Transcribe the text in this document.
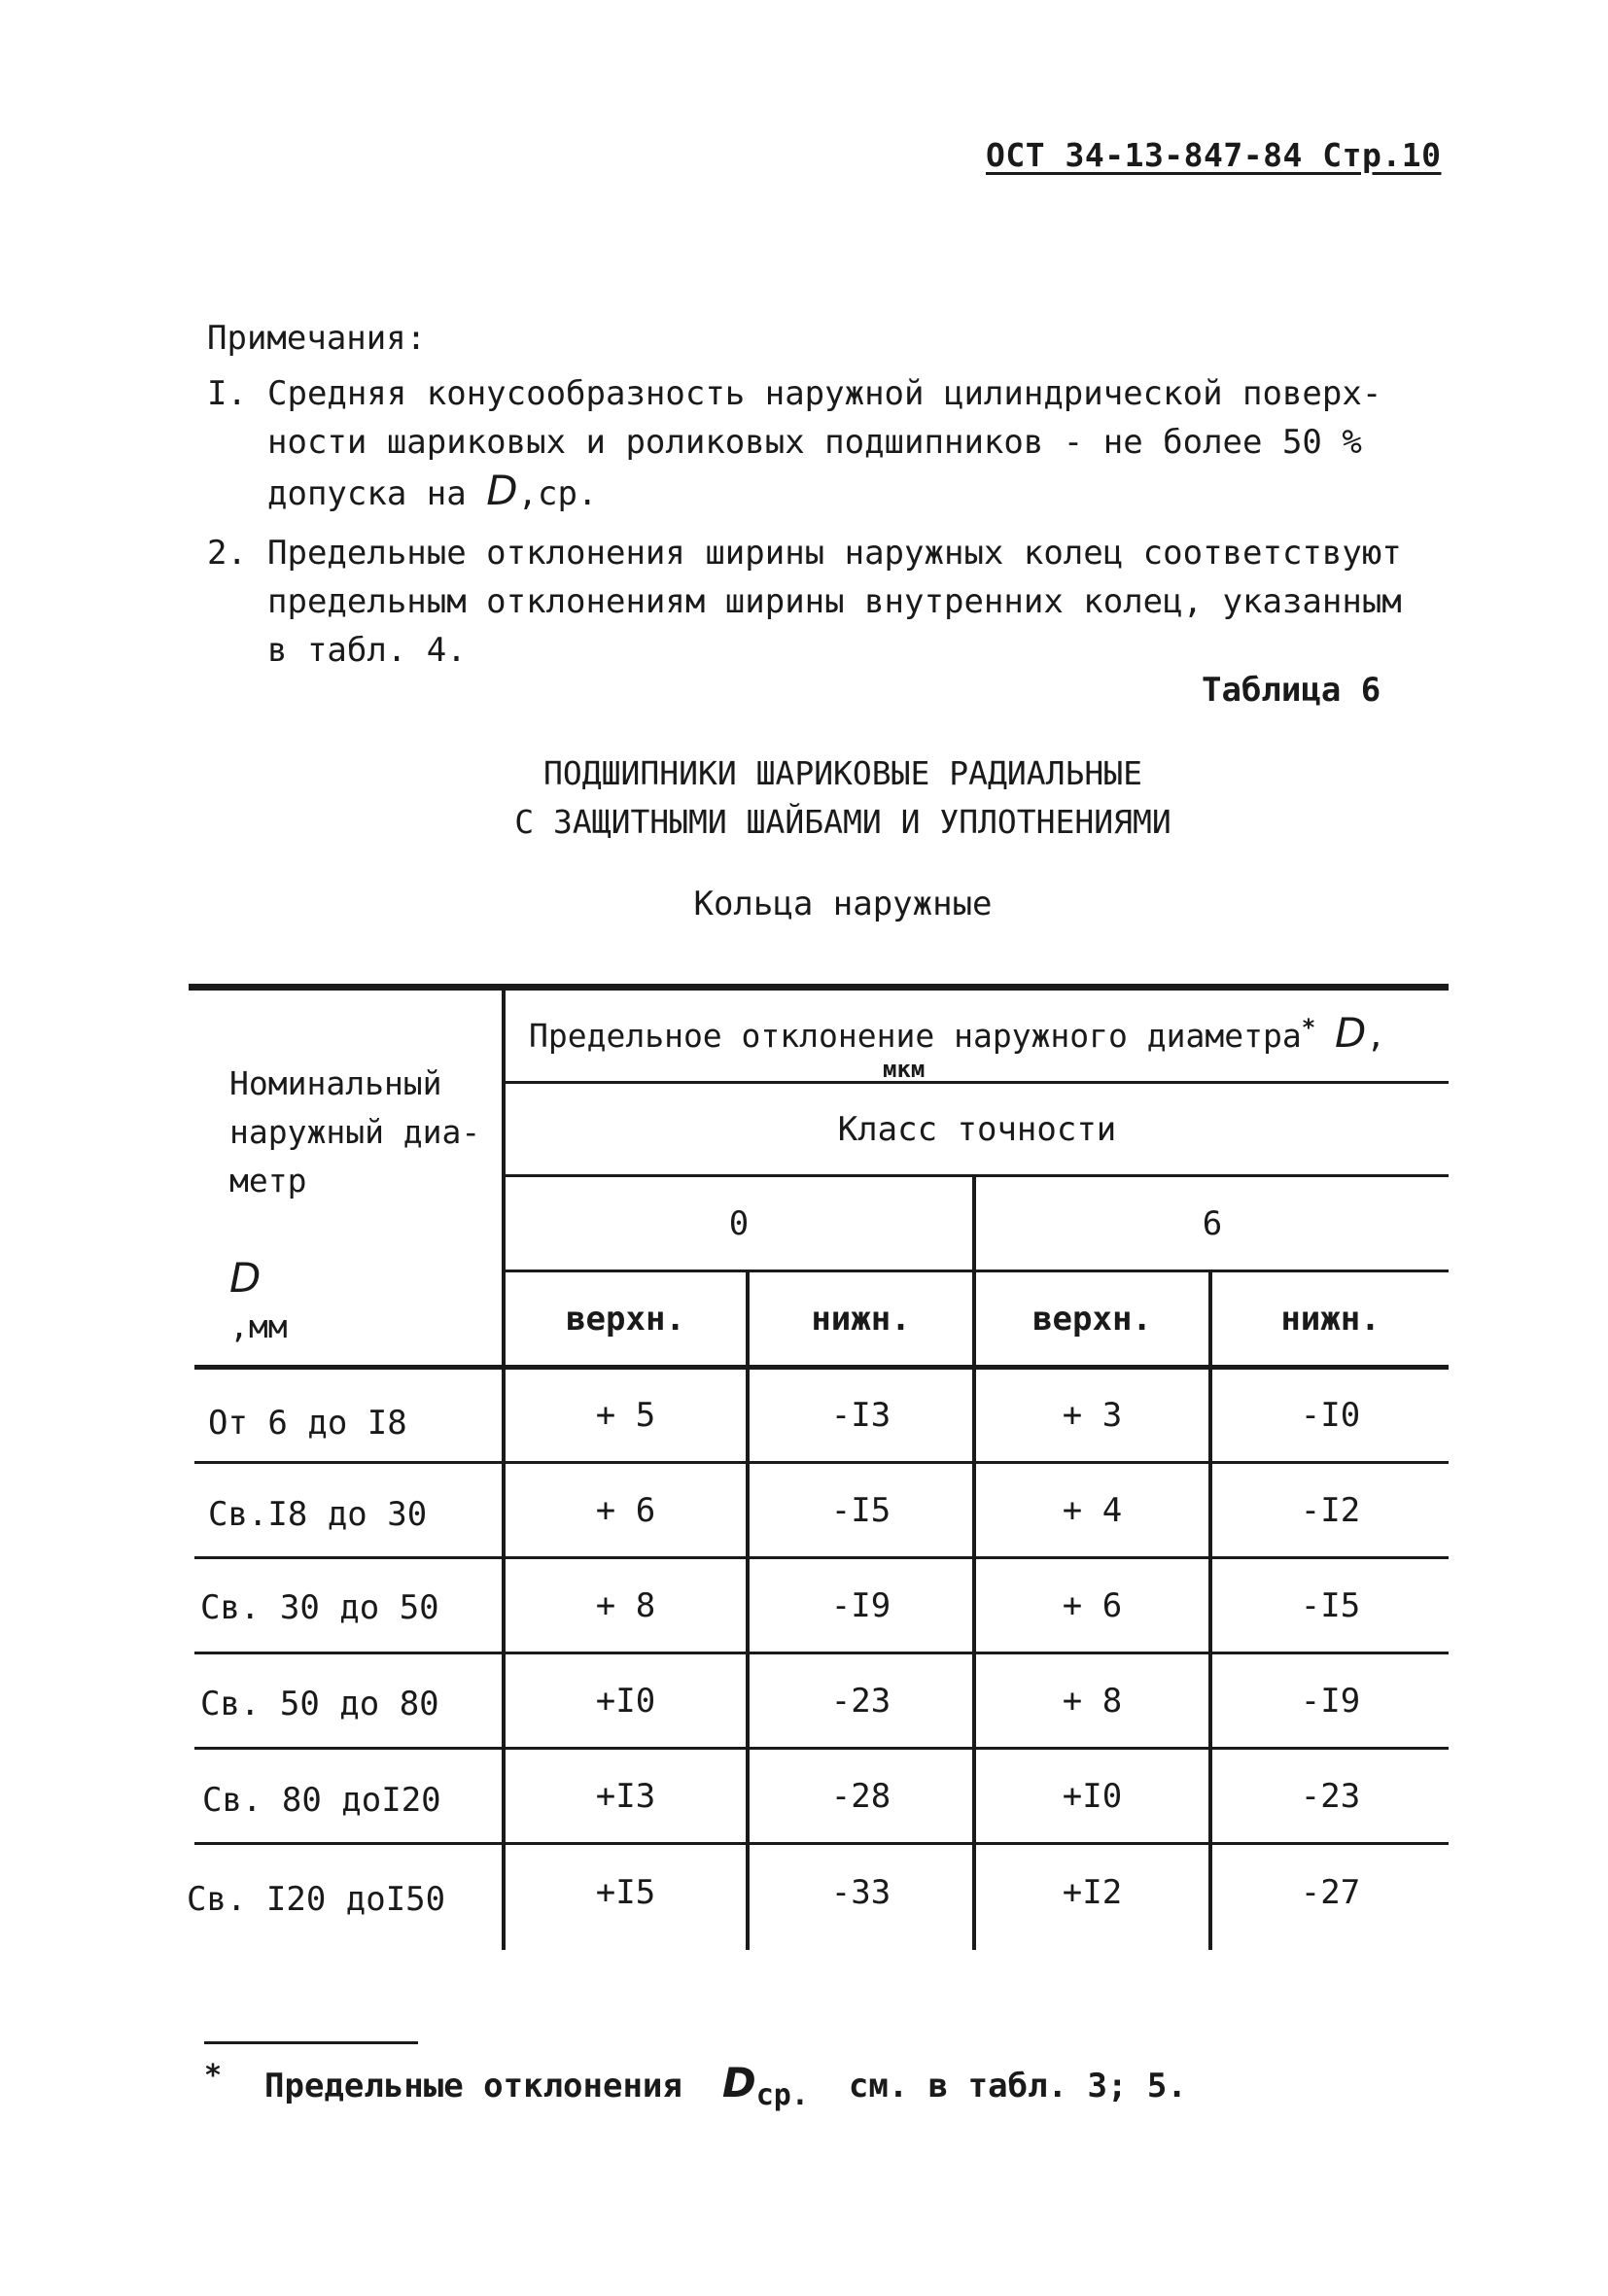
ОСТ 34-13-847-84 Стр.10
Примечания:
I. Средняя конусообразность наружной цилиндрической поверх-
ности шариковых и роликовых подшипников - не более 50 %
допуска на D,ср.
2. Предельные отклонения ширины наружных колец соответствуют
предельным отклонениям ширины внутренних колец, указанным
в табл. 4.
Таблица 6
ПОДШИПНИКИ ШАРИКОВЫЕ РАДИАЛЬНЫЕ
С ЗАЩИТНЫМИ ШАЙБАМИ И УПЛОТНЕНИЯМИ
Кольца наружные
Номинальный
наружный диа-
метр

D
,мм
Предельное отклонение наружного диаметра* D,
мкм
Класс точности
0	6
верхн.	нижн.	верхн.	нижн.
От 6 до I8	+ 5	-I3	+ 3	-I0
Св.I8 до 30	+ 6	-I5	+ 4	-I2
Св. 30 до 50	+ 8	-I9	+ 6	-I5
Св. 50 до 80	+I0	-23	+ 8	-I9
Св. 80 доI20	+I3	-28	+I0	-23
Св. I20 доI50	+I5	-33	+I2	-27
* Предельные отклонения $D_{ср.}$ см. в табл. 3; 5.
